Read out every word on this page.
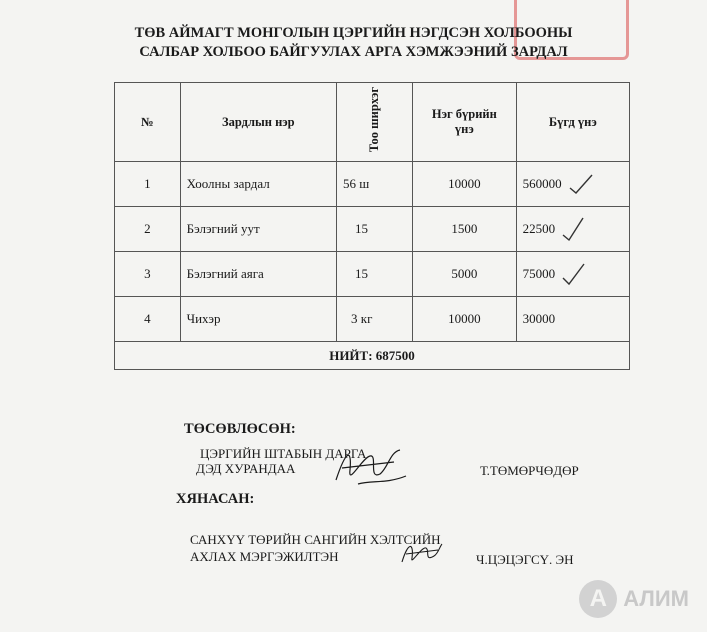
ТӨВ АЙМАГТ МОНГОЛЫН ЦЭРГИЙН НЭГДСЭН ХОЛБООНЫ
САЛБАР ХОЛБОО БАЙГУУЛАХ АРГА ХЭМЖЭЭНИЙ ЗАРДАЛ
№	Зардлын нэр	Тоо ширхэг	Нэг бүрийн үнэ	Бүгд үнэ
1	Хоолны зардал	56 ш	10000	560000
2	Бэлэгний уут	15	1500	22500
3	Бэлэгний аяга	15	5000	75000
4	Чихэр	3 кг	10000	30000
НИЙТ: 687500				
ТӨСӨВЛӨСӨН:
ЦЭРГИЙН ШТАБЫН ДАРГА
ДЭД ХУРАНДАА	Т.ТӨМӨРЧӨДӨР
ХЯНАСАН:
САНХҮҮ ТӨРИЙН САНГИЙН ХЭЛТСИЙН
АХЛАХ МЭРГЭЖИЛТЭН	Ч.ЦЭЦЭГСҮ. ЭН
A АЛИМ
